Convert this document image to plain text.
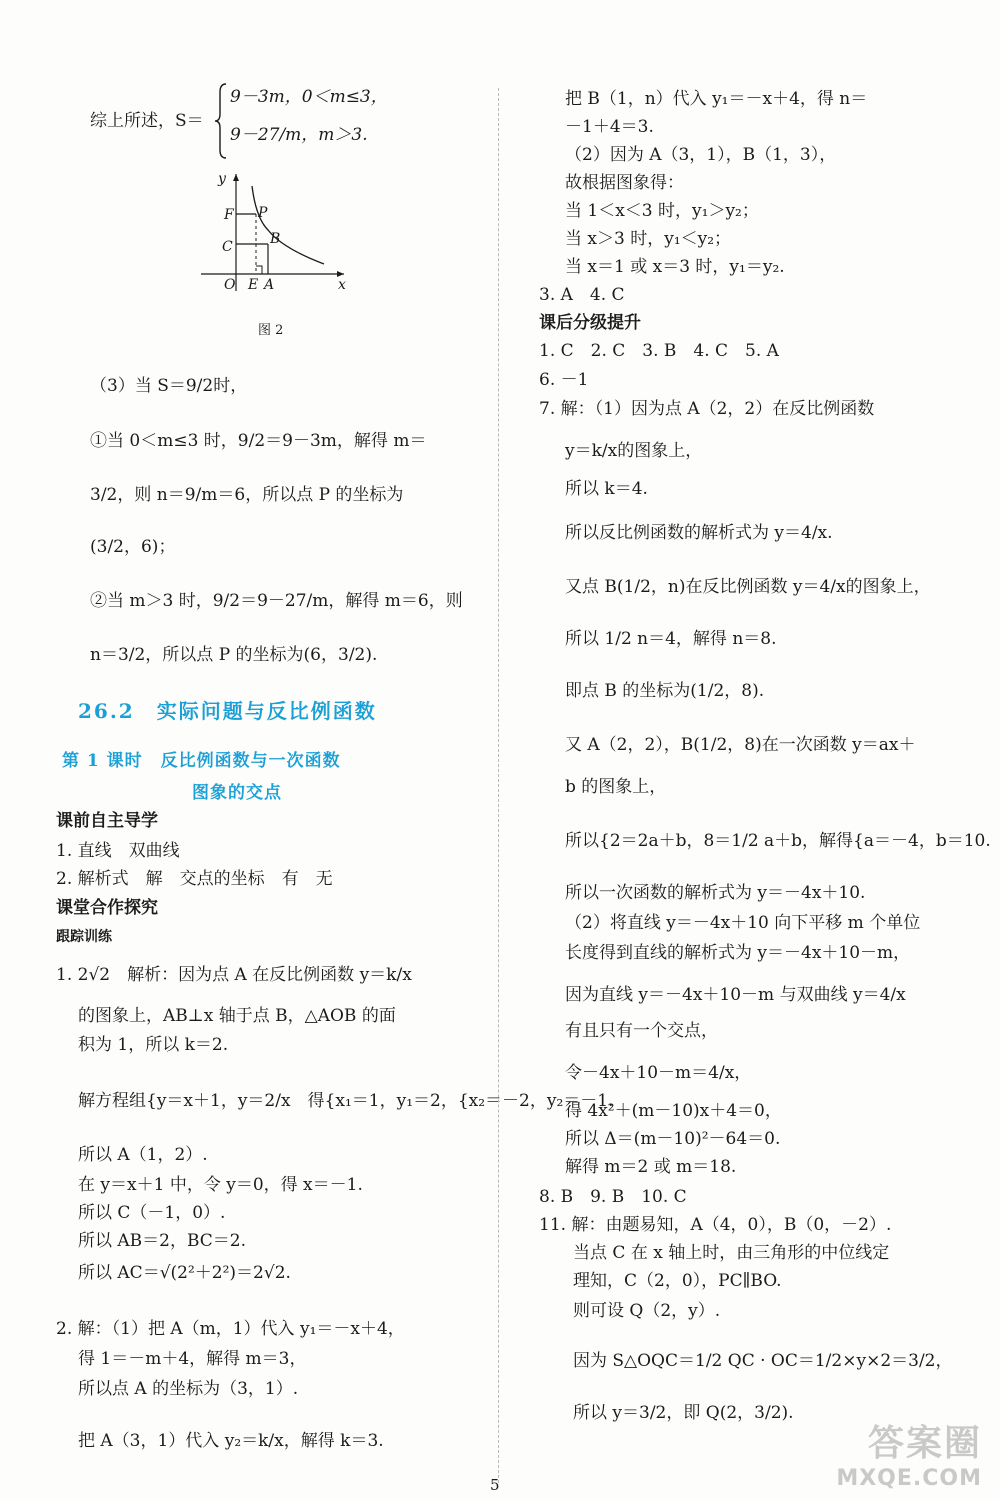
综上所述，S＝
9－3m，0＜m≤3，
9－27/m，m＞3.
y
F P
C	B
O E A	x
图 2
（3）当 S＝9/2时，
①当 0＜m≤3 时，9/2＝9－3m，解得 m＝
3/2，则 n＝9/m＝6，所以点 P 的坐标为
(3/2，6)；
②当 m＞3 时，9/2＝9－27/m，解得 m＝6，则
n＝3/2，所以点 P 的坐标为(6，3/2).
26.2　实际问题与反比例函数
第 1 课时　反比例函数与一次函数
图象的交点
课前自主导学
1. 直线　双曲线
2. 解析式　解　交点的坐标　有　无
课堂合作探究
跟踪训练
1. 2√2　解析：因为点 A 在反比例函数 y＝k/x
的图象上，AB⊥x 轴于点 B，△AOB 的面
积为 1，所以 k＝2.
解方程组{y＝x＋1，y＝2/x　得{x₁＝1，y₁＝2，{x₂＝－2，y₂＝－1.
所以 A（1，2）.
在 y＝x＋1 中，令 y＝0，得 x＝－1.
所以 C（－1，0）.
所以 AB＝2，BC＝2.
所以 AC＝√(2²＋2²)＝2√2.
2. 解：（1）把 A（m，1）代入 y₁＝－x＋4，
得 1＝－m＋4，解得 m＝3，
所以点 A 的坐标为（3，1）.
把 A（3，1）代入 y₂＝k/x，解得 k＝3.
把 B（1，n）代入 y₁＝－x＋4，得 n＝
－1＋4＝3.
（2）因为 A（3，1），B（1，3），
故根据图象得：
当 1＜x＜3 时，y₁＞y₂；
当 x＞3 时，y₁＜y₂；
当 x＝1 或 x＝3 时，y₁＝y₂.
3. A　4. C
课后分级提升
1. C　2. C　3. B　4. C　5. A
6. －1
7. 解：（1）因为点 A（2，2）在反比例函数
y＝k/x的图象上，
所以 k＝4.
所以反比例函数的解析式为 y＝4/x.
又点 B(1/2，n)在反比例函数 y＝4/x的图象上，
所以 1/2 n＝4，解得 n＝8.
即点 B 的坐标为(1/2，8).
又 A（2，2），B(1/2，8)在一次函数 y＝ax＋
b 的图象上，
所以{2＝2a＋b，8＝1/2 a＋b，解得{a＝－4，b＝10.
所以一次函数的解析式为 y＝－4x＋10.
（2）将直线 y＝－4x＋10 向下平移 m 个单位
长度得到直线的解析式为 y＝－4x＋10－m，
因为直线 y＝－4x＋10－m 与双曲线 y＝4/x
有且只有一个交点，
令－4x＋10－m＝4/x，
得 4x²＋(m－10)x＋4＝0，
所以 Δ＝(m－10)²－64＝0.
解得 m＝2 或 m＝18.
8. B　9. B　10. C
11. 解：由题易知，A（4，0），B（0，－2）.
当点 C 在 x 轴上时，由三角形的中位线定
理知，C（2，0），PC∥BO.
则可设 Q（2，y）.
因为 S△OQC＝1/2 QC · OC＝1/2×y×2＝3/2，
所以 y＝3/2，即 Q(2，3/2).
5
答案圈
MXQE.COM
